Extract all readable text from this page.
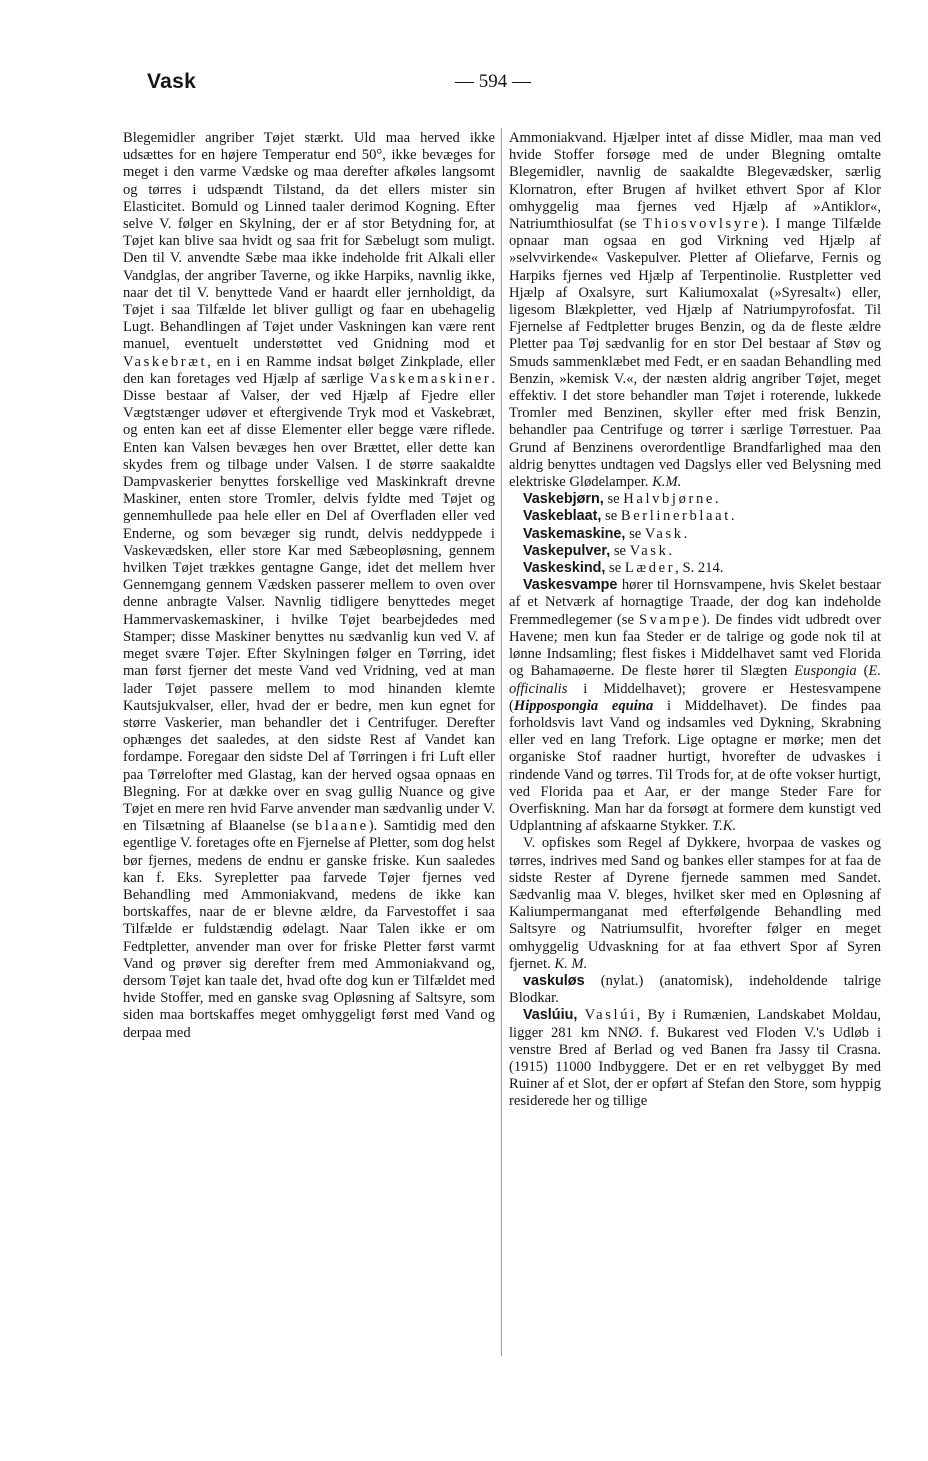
Vask	— 594 —

Blegemidler angriber Tøjet stærkt. Uld maa herved ikke udsættes for en højere Temperatur end 50°, ikke bevæges for meget i den varme Vædske og maa derefter afkøles langsomt og tørres i udspændt Tilstand, da det ellers mister sin Elasticitet. Bomuld og Linned taaler derimod Kogning. Efter selve V. følger en Skylning, der er af stor Betydning for, at Tøjet kan blive saa hvidt og saa frit for Sæbelugt som muligt. Den til V. anvendte Sæbe maa ikke indeholde frit Alkali eller Vandglas, der angriber Taverne, og ikke Harpiks, navnlig ikke, naar det til V. benyttede Vand er haardt eller jernholdigt, da Tøjet i saa Tilfælde let bliver gulligt og faar en ubehagelig Lugt. Behandlingen af Tøjet under Vaskningen kan være rent manuel, eventuelt understøttet ved Gnidning mod et Vaskebræt, en i en Ramme indsat bølget Zinkplade, eller den kan foretages ved Hjælp af særlige Vaskemaskiner. Disse bestaar af Valser, der ved Hjælp af Fjedre eller Vægtstænger udøver et eftergivende Tryk mod et Vaskebræt, og enten kan eet af disse Elementer eller begge være riflede. Enten kan Valsen bevæges hen over Brættet, eller dette kan skydes frem og tilbage under Valsen. I de større saakaldte Dampvaskerier benyttes forskellige ved Maskinkraft drevne Maskiner, enten store Tromler, delvis fyldte med Tøjet og gennemhullede paa hele eller en Del af Overfladen eller ved Enderne, og som bevæger sig rundt, delvis neddyppede i Vaskevædsken, eller store Kar med Sæbeopløsning, gennem hvilken Tøjet trækkes gentagne Gange, idet det mellem hver Gennemgang gennem Vædsken passerer mellem to oven over denne anbragte Valser. Navnlig tidligere benyttedes meget Hammervaskemaskiner, i hvilke Tøjet bearbejdedes med Stamper; disse Maskiner benyttes nu sædvanlig kun ved V. af meget svære Tøjer. Efter Skylningen følger en Tørring, idet man først fjerner det meste Vand ved Vridning, ved at man lader Tøjet passere mellem to mod hinanden klemte Kautsjukvalser, eller, hvad der er bedre, men kun egnet for større Vaskerier, man behandler det i Centrifuger. Derefter ophænges det saaledes, at den sidste Rest af Vandet kan fordampe. Foregaar den sidste Del af Tørringen i fri Luft eller paa Tørrelofter med Glastag, kan der herved ogsaa opnaas en Blegning. For at dække over en svag gullig Nuance og give Tøjet en mere ren hvid Farve anvender man sædvanlig under V. en Tilsætning af Blaanelse (se blaane). Samtidig med den egentlige V. foretages ofte en Fjernelse af Pletter, som dog helst bør fjernes, medens de endnu er ganske friske. Kun saaledes kan f. Eks. Syrepletter paa farvede Tøjer fjernes ved Behandling med Ammoniakvand, medens de ikke kan bortskaffes, naar de er blevne ældre, da Farvestoffet i saa Tilfælde er fuldstændig ødelagt. Naar Talen ikke er om Fedtpletter, anvender man over for friske Pletter først varmt Vand og prøver sig derefter frem med Ammoniakvand og, dersom Tøjet kan taale det, hvad ofte dog kun er Tilfældet med hvide Stoffer, med en ganske svag Opløsning af Saltsyre, som siden maa bortskaffes meget omhyggeligt først med Vand og derpaa med

Ammoniakvand. Hjælper intet af disse Midler, maa man ved hvide Stoffer forsøge med de under Blegning omtalte Blegemidler, navnlig de saakaldte Blegevædsker, særlig Klornatron, efter Brugen af hvilket ethvert Spor af Klor omhyggelig maa fjernes ved Hjælp af »Antiklor«, Natriumthiosulfat (se Thiosvovlsyre). I mange Tilfælde opnaar man ogsaa en god Virkning ved Hjælp af »selvvirkende« Vaskepulver. Pletter af Oliefarve, Fernis og Harpiks fjernes ved Hjælp af Terpentinolie. Rustpletter ved Hjælp af Oxalsyre, surt Kaliumoxalat (»Syresalt«) eller, ligesom Blækpletter, ved Hjælp af Natriumpyrofosfat. Til Fjernelse af Fedtpletter bruges Benzin, og da de fleste ældre Pletter paa Tøj sædvanlig for en stor Del bestaar af Støv og Smuds sammenklæbet med Fedt, er en saadan Behandling med Benzin, »kemisk V.«, der næsten aldrig angriber Tøjet, meget effektiv. I det store behandler man Tøjet i roterende, lukkede Tromler med Benzinen, skyller efter med frisk Benzin, behandler paa Centrifuge og tørrer i særlige Tørrestuer. Paa Grund af Benzinens overordentlige Brandfarlighed maa den aldrig benyttes undtagen ved Dagslys eller ved Belysning med elektriske Glødelamper. K.M.

Vaskebjørn, se Halvbjørne.

Vaskeblaat, se Berlinerblaat.

Vaskemaskine, se Vask.

Vaskepulver, se Vask.

Vaskeskind, se Læder, S. 214.

Vaskesvampe hører til Hornsvampene, hvis Skelet bestaar af et Netværk af hornagtige Traade, der dog kan indeholde Fremmedlegemer (se Svampe). De findes vidt udbredt over Havene; men kun faa Steder er de talrige og gode nok til at lønne Indsamling; flest fiskes i Middelhavet samt ved Florida og Bahamaøerne. De fleste hører til Slægten Euspongia (E. officinalis i Middelhavet); grovere er Hestesvampene (Hippospongia equina i Middelhavet). De findes paa forholdsvis lavt Vand og indsamles ved Dykning, Skrabning eller ved en lang Trefork. Lige optagne er mørke; men det organiske Stof raadner hurtigt, hvorefter de udvaskes i rindende Vand og tørres. Til Trods for, at de ofte vokser hurtigt, ved Florida paa et Aar, er der mange Steder Fare for Overfiskning. Man har da forsøgt at formere dem kunstigt ved Udplantning af afskaarne Stykker. T.K.

V. opfiskes som Regel af Dykkere, hvorpaa de vaskes og tørres, indrives med Sand og bankes eller stampes for at faa de sidste Rester af Dyrene fjernede sammen med Sandet. Sædvanlig maa V. bleges, hvilket sker med en Opløsning af Kaliumpermanganat med efterfølgende Behandling med Saltsyre og Natriumsulfit, hvorefter følger en meget omhyggelig Udvaskning for at faa ethvert Spor af Syren fjernet. K. M.

vaskuløs (nylat.) (anatomisk), indeholdende talrige Blodkar.

Vaslúiu, Vaslúi, By i Rumænien, Landskabet Moldau, ligger 281 km NNØ. f. Bukarest ved Floden V.'s Udløb i venstre Bred af Berlad og ved Banen fra Jassy til Crasna. (1915) 11000 Indbyggere. Det er en ret velbygget By med Ruiner af et Slot, der er opført af Stefan den Store, som hyppig residerede her og tillige
